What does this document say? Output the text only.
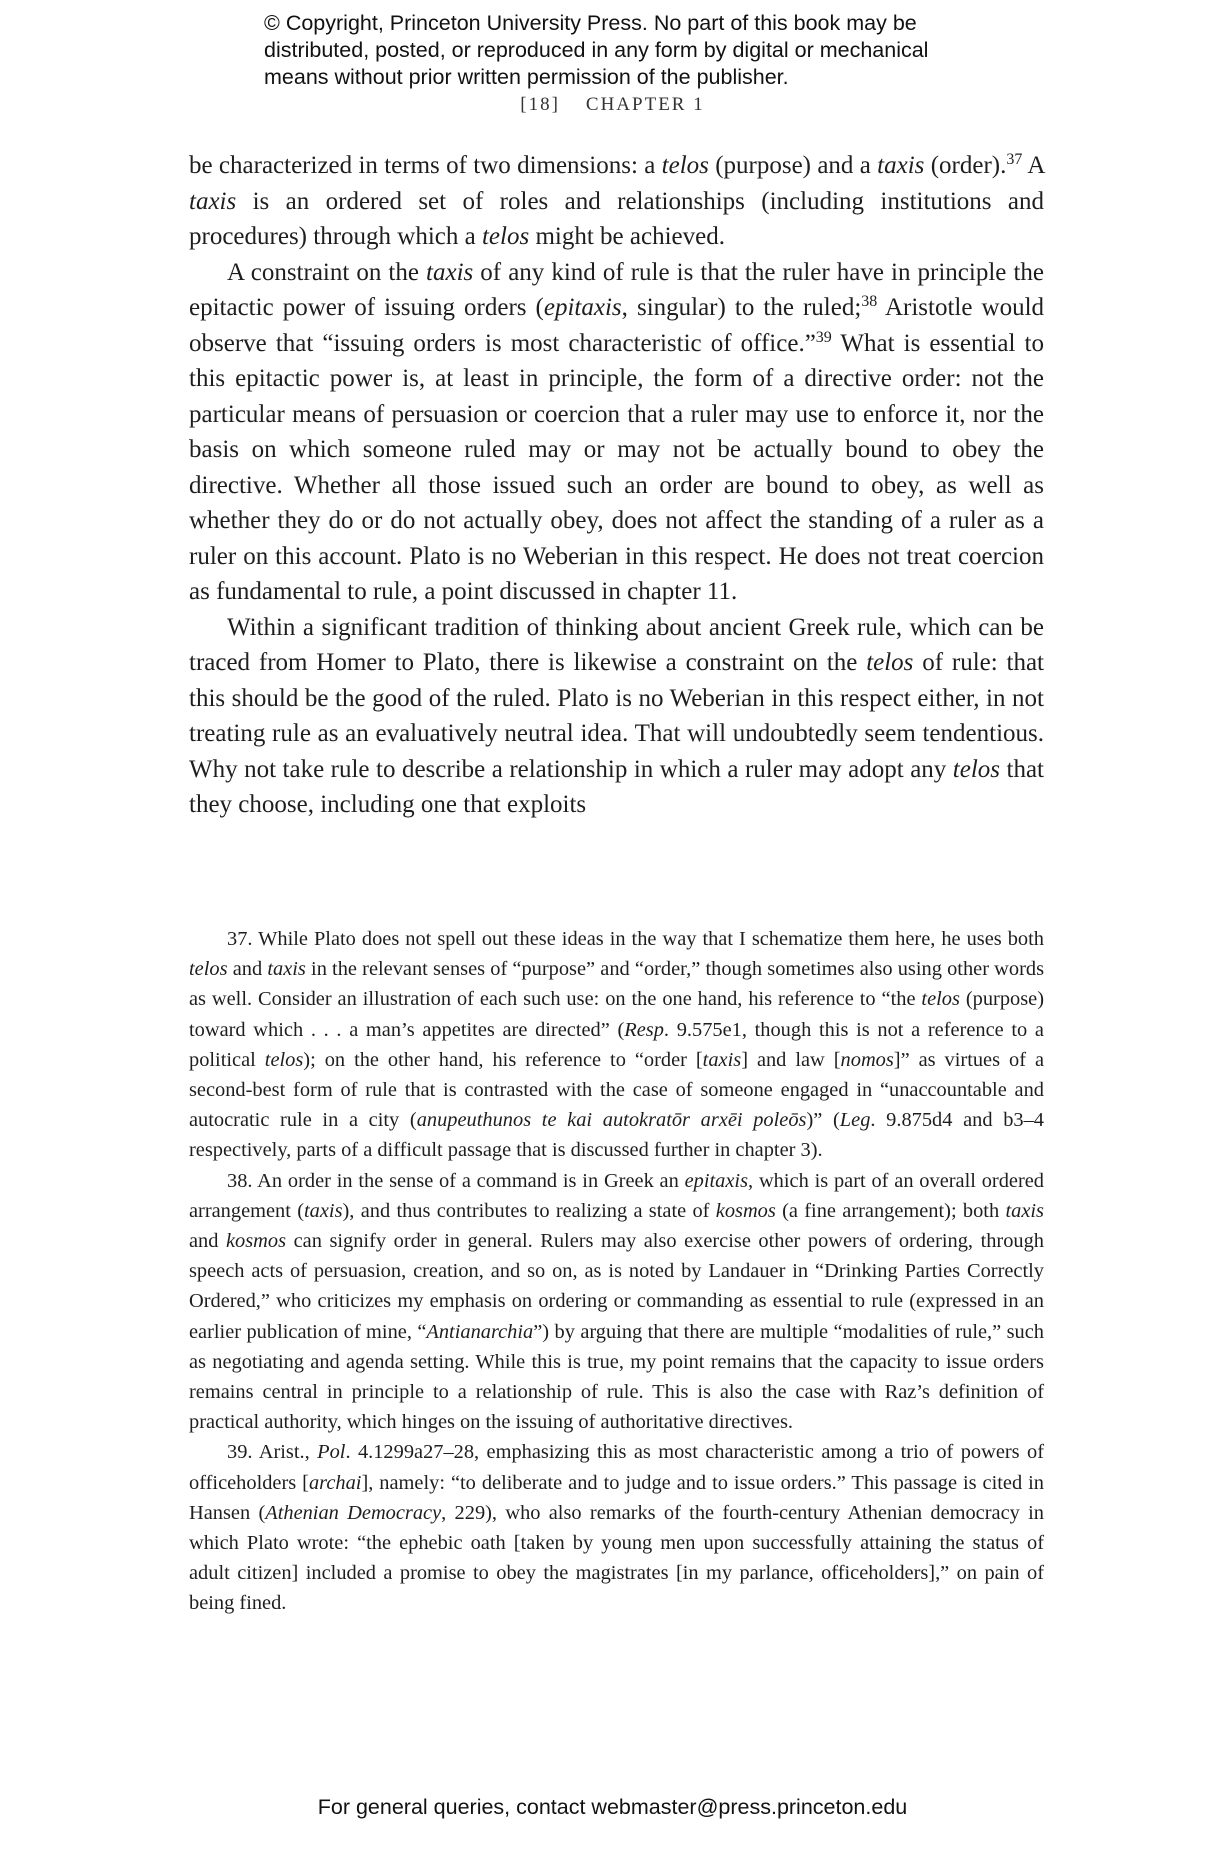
© Copyright, Princeton University Press. No part of this book may be

distributed, posted, or reproduced in any form by digital or mechanical

means without prior written permission of the publisher.

[18] CHAPTER 1

be characterized in terms of two dimensions: a telos (purpose) and a taxis (order).$^{37}$ A taxis is an ordered set of roles and relationships (including institutions and procedures) through which a telos might be achieved.

A constraint on the taxis of any kind of rule is that the ruler have in principle the epitactic power of issuing orders (epitaxis, singular) to the ruled;$^{38}$ Aristotle would observe that “issuing orders is most characteristic of office.”$^{39}$ What is essential to this epitactic power is, at least in principle, the form of a directive order: not the particular means of persuasion or coercion that a ruler may use to enforce it, nor the basis on which someone ruled may or may not be actually bound to obey the directive. Whether all those issued such an order are bound to obey, as well as whether they do or do not actually obey, does not affect the standing of a ruler as a ruler on this account. Plato is no Weberian in this respect. He does not treat coercion as fundamental to rule, a point discussed in chapter 11.

Within a significant tradition of thinking about ancient Greek rule, which can be traced from Homer to Plato, there is likewise a constraint on the telos of rule: that this should be the good of the ruled. Plato is no Weberian in this respect either, in not treating rule as an evaluatively neutral idea. That will undoubtedly seem tendentious. Why not take rule to describe a relationship in which a ruler may adopt any telos that they choose, including one that exploits

37. While Plato does not spell out these ideas in the way that I schematize them here, he uses both telos and taxis in the relevant senses of “purpose” and “order,” though sometimes also using other words as well. Consider an illustration of each such use: on the one hand, his reference to “the telos (purpose) toward which . . . a man’s appetites are directed” (Resp. 9.575e1, though this is not a reference to a political telos); on the other hand, his reference to “order [taxis] and law [nomos]” as virtues of a second-best form of rule that is contrasted with the case of someone engaged in “unaccountable and autocratic rule in a city (anupeuthunos te kai autokratōr arxēi poleōs)” (Leg. 9.875d4 and b3–4 respectively, parts of a difficult passage that is discussed further in chapter 3).

38. An order in the sense of a command is in Greek an epitaxis, which is part of an overall ordered arrangement (taxis), and thus contributes to realizing a state of kosmos (a fine arrangement); both taxis and kosmos can signify order in general. Rulers may also exercise other powers of ordering, through speech acts of persuasion, creation, and so on, as is noted by Landauer in “Drinking Parties Correctly Ordered,” who criticizes my emphasis on ordering or commanding as essential to rule (expressed in an earlier publication of mine, “Antianarchia”) by arguing that there are multiple “modalities of rule,” such as negotiating and agenda setting. While this is true, my point remains that the capacity to issue orders remains central in principle to a relationship of rule. This is also the case with Raz’s definition of practical authority, which hinges on the issuing of authoritative directives.

39. Arist., Pol. 4.1299a27–28, emphasizing this as most characteristic among a trio of powers of officeholders [archai], namely: “to deliberate and to judge and to issue orders.” This passage is cited in Hansen (Athenian Democracy, 229), who also remarks of the fourth-century Athenian democracy in which Plato wrote: “the ephebic oath [taken by young men upon successfully attaining the status of adult citizen] included a promise to obey the magistrates [in my parlance, officeholders],” on pain of being fined.

For general queries, contact webmaster@press.princeton.edu
